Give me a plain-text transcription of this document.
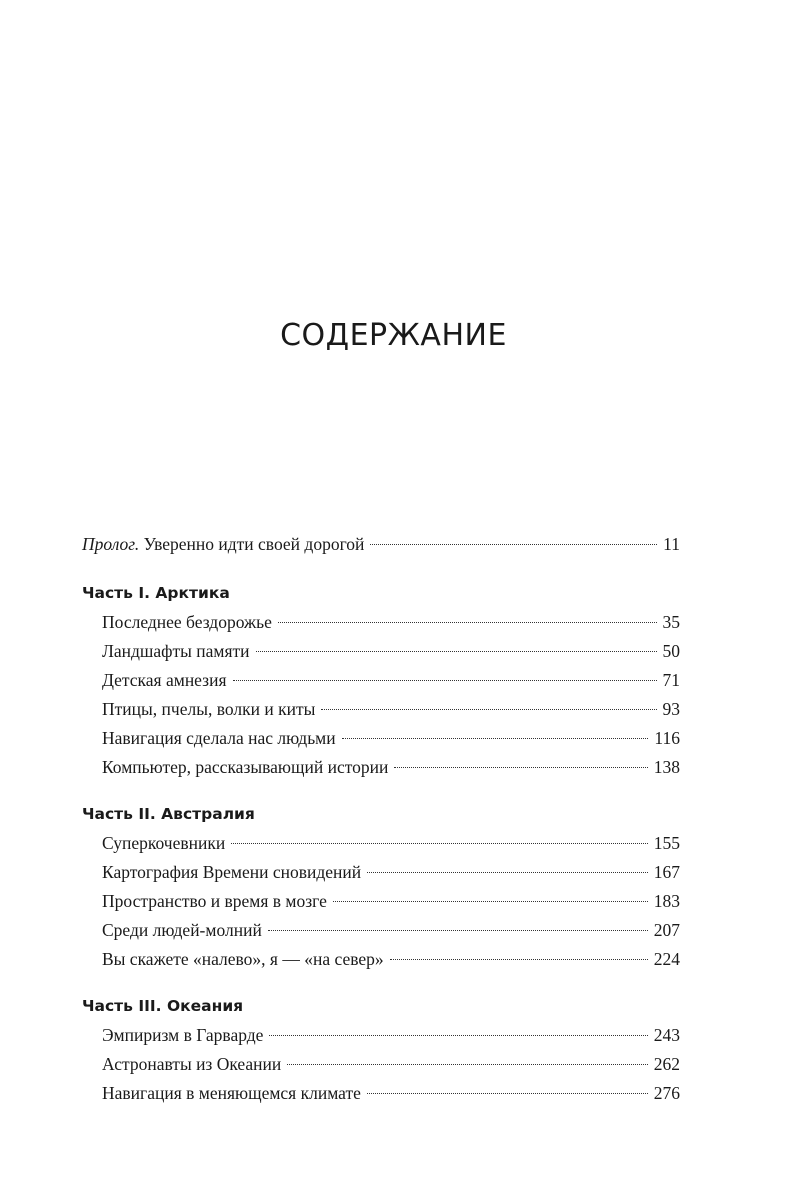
СОДЕРЖАНИЕ
Пролог. Уверенно идти своей дорогой	11
Часть I. Арктика
Последнее бездорожье	35
Ландшафты памяти	50
Детская амнезия	71
Птицы, пчелы, волки и киты	93
Навигация сделала нас людьми	116
Компьютер, рассказывающий истории	138
Часть II. Австралия
Суперкочевники	155
Картография Времени сновидений	167
Пространство и время в мозге	183
Среди людей-молний	207
Вы скажете «налево», я — «на север»	224
Часть III. Океания
Эмпиризм в Гарварде	243
Астронавты из Океании	262
Навигация в меняющемся климате	276
